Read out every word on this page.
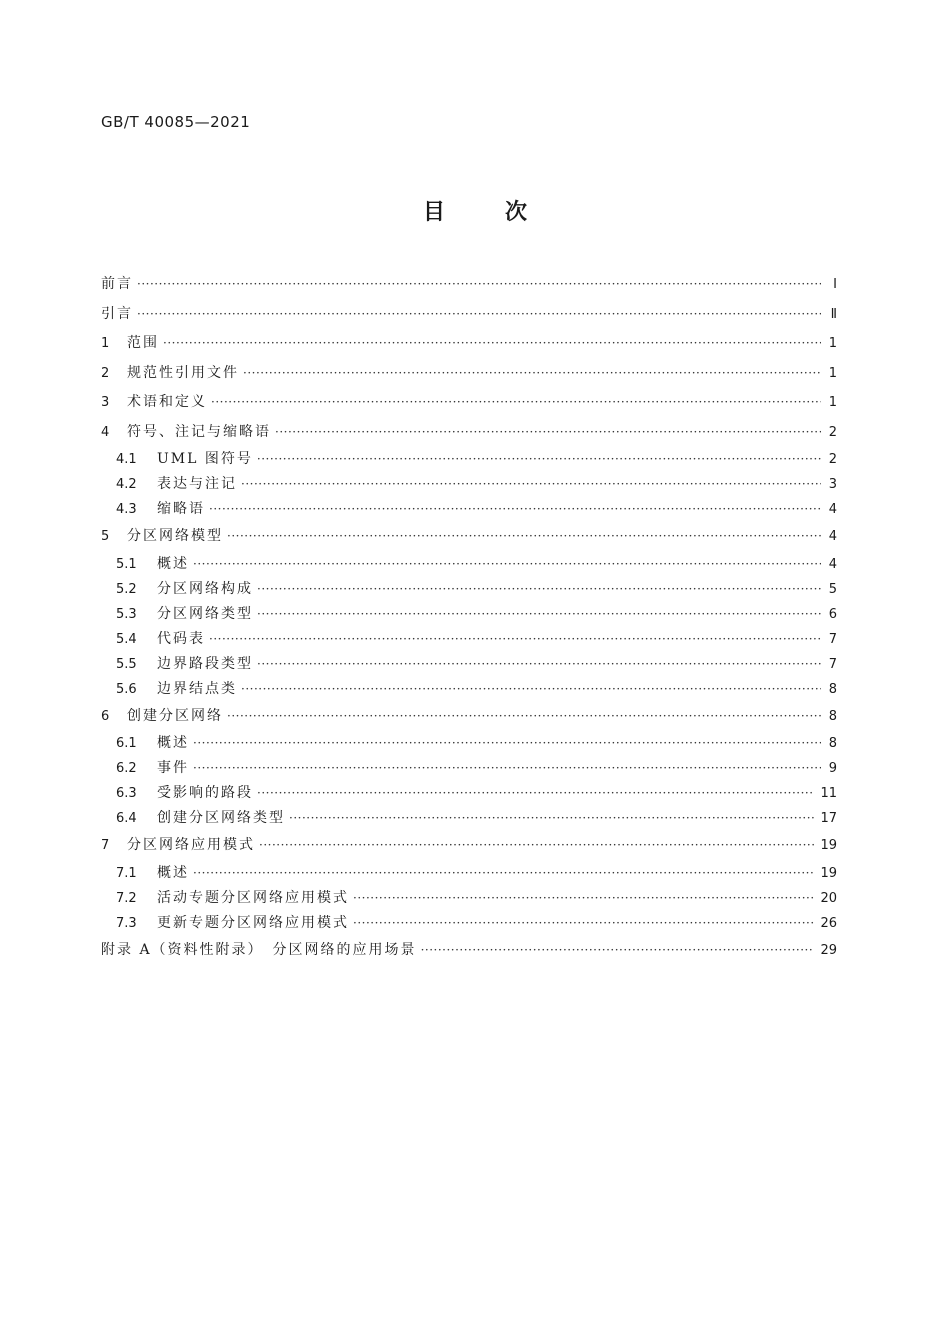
GB/T 40085—2021
目	次
前言 ·····	Ⅰ
引言 ·····	Ⅱ
1 范围 ·····	1
2 规范性引用文件 ·····	1
3 术语和定义 ·····	1
4 符号、注记与缩略语 ·····	2
4.1 UML 图符号 ·····	2
4.2 表达与注记 ·····	3
4.3 缩略语 ·····	4
5 分区网络模型 ·····	4
5.1 概述 ·····	4
5.2 分区网络构成 ·····	5
5.3 分区网络类型 ·····	6
5.4 代码表 ·····	7
5.5 边界路段类型 ·····	7
5.6 边界结点类 ·····	8
6 创建分区网络 ·····	8
6.1 概述 ·····	8
6.2 事件 ·····	9
6.3 受影响的路段 ·····	11
6.4 创建分区网络类型 ·····	17
7 分区网络应用模式 ·····	19
7.1 概述 ·····	19
7.2 活动专题分区网络应用模式 ·····	20
7.3 更新专题分区网络应用模式 ·····	26
附录 A（资料性附录）　分区网络的应用场景 ·····	29
